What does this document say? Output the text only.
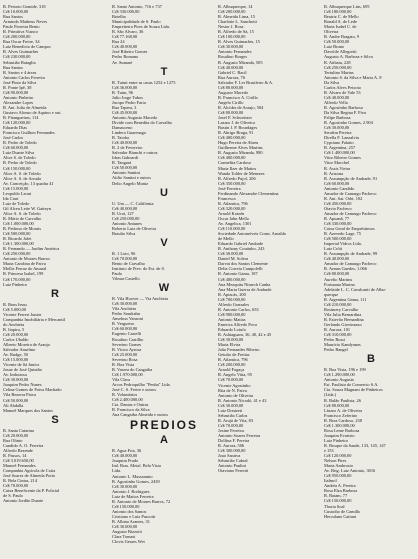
R. Peixoto Gomide, 318
Cr$ 10.000,00
Rua Santos
Armindo Matheus Neves
Paulo Ferreira Bento
R. Primitiva Vianco
Cr$ 200.000,00
Rua Oscar Freire, 34
Luiz Benedicto de Campos
R. Alves Guimarães
Cr$ 230.000,00
Sebastião Bataglia
Rua Santos
R. Santos e 4 áreas
Antonio Carlos Ferreira
José Pinto da Silva
R. Ponte Ipê, 38
Cr$ 90.000,00
Antonio Pinheiro
Alexandre Lopes
R. Ant. Julio de Almeida
Gustavo Afonso de Aquino e out.
R. Pitangueiras, 114
Cr$ 120.000,00
Eduardo Dias
Francisco Guilhon Fernandes
José Carlos
R. Pedro de Toledo
Cr$ 60.000,00
Luiz Duarte Silva
Alice S. de Toledo
R. Pedro de Toledo
Cr$ 150.000,00
Alice A. S. de Toledo
Alice A. S. de Arruda
Av. Conceição, 13 quadra 41
Cr$ 15.000,00
Leopoldo Leoni
Ida Ciari
Luiz de Toledo
Gil Alceu Leite W. Gatteyn
Alice A. S. de Toledo
R. Mário de Carvalho
Cr$ 1.000.000,00
R. Pedroso de Morais
Cr$ 500.000,00
R. Ricardo Jafet
Cr$ 1.300.000,00
R. Fernando — Jardim América
Cr$ 250.000,00
Antonio de Moraes Barros
Maria Carolina de Paiva
Mollis Ferraz do Amaral
R. Princesa Isabel, 199
Cr$ 170.000,00
Luiz Pinheiro
R
R. Bom Jesus
Cr$ 5.000,00
Vicente Ferreri Junior
Companhia Imobiliária e Mercantil
do Anchieta
R. Itapiru, 5
Cr$ 20.000,00
Carlos Ubaldo
Alberto Moreira de Araujo
Salvador Anselmo
Av. Rudge, 50
Cr$ 15.000,00
Vicente de Sá Junior
Josue de José Quintão
Av. Imboassu
Cr$ 30.000,00
Joaquim Pedro Nunes
Celina Gomes de Paiva Machado
Vila Bezerra Paiva
Cr$ 50.000,00
Ali Abdalla
Manoel Marques dos Santos
S
R. Santa Catarina
Cr$ 20.000,00
Rua Olinto
Candido A. O. Ferreira
Alfredo Rezende
R. Passos, 14
Cr$ 3.019.650,00
Manoel Fernandes
Companhia Agrícola de Cotia
José Soares de Almeida Porto
R. Bela Cintra, 214
Cr$ 70.000,00
Caixa Beneficente da P. Policial
de S. Paulo
Antonio Jordão Duarte
R. Santo Antonio, 716 e 737
Cr$ 330.000,00
Botelho
Municipalidade de S. Paulo
Empreiteira Pires de Souza Ltda.
R. São Alvaro, 36
Cr$ 77.168,00
Rua 24
Cr$ 40.000,00
José Ribeiro Gomes
Pedro Romano
Av. Sumaré
T
R. Tuiuti entre as casas 1252 e 1275
Cr$ 36.000,00
R. Tuim, 96
Julio Jorge Tubos
Jacopo Pedro Faria
Rua Tapera, 3
Cr$ 45.000,00
Antonio Augusto Macedo
Divide com Benedita do Carvalho
Damasceno
Lindera Guarenago
R. Taioba
Cr$ 40.000,00
R. 2 de Fevereiro
Salvador Bianchi e outros
Idras Gaboardi
R. Tangará
Cr$ 50.000,00
Antonio Santini
Atilio Santini e outros
Delio Angelo Muniz
U
U. Um — C. Califórnia
Cr$ 40.000,00
R. Uraí, 127
Cr$ 250.000,00
Antonio Antunes
Roberto Luiz de Oliveira
Braulio Silva
V
R. 1 Loto, 96
Cr$ 70.000,00
Bento de Carvalho
Instituto de Prev. do Est. de S.
Paulo
Vilmar Castello
W
R. Vila Hoover — Via Anchieta
Cr$ 30.000,00
Vila Anchieta
Pedro Saurkahn
Anselmo Vansoni
R. Vergueiro
Cr$ 60.000,00
Eugenio Castelli
Rosalino Castilho
Severino Gomes
R. Victor Ayrosa
Cr$ 25.000,00
Severino Rosa
R. Boa Vista
R. Varzea do Cangaiba
Cr$ 1.970.000,00
Vila Clara
Arcos Pedroquilho "Penha" Ltda.
José C. S. Freire e outros
R. Voluntários
Cr$ 2.400.000,00
Cia. Dantas e Outras
R. Francisco da Silva
Ana Cangaiba Almeida e outros
PREDIOS
A
R. Agua Fria, 36
Cr$ 40.000,00
Joaquim Prado
Ind. Bras. Metal. Bela Vista
Ltda.
Antonio L. Massaranto
R. Agostinho Gomes, 2439
Cr$ 30.000,00
Antonio J. Rodrigues
Luiz de Mattos Ferreira
R. Antonio de Moraes Barros, 72
Cr$ 150.000,00
Antonio dos Santos
Cristiano e Luiz Pascotti
R. Albina Arantes, 31
Cr$ 30.000,00
Augusto Bizzotti
Clara Tomasi
Clovis Geraes Wei
R. Albuquerque, 14
Cr$ 200.000,00
R. Almeida Lima, 15
Charlotte L. Sanchotti
Nestor J. Rosa
R. Alfredo de Sá, 15
Cr$ 100.000,00
R. Alves Guimarães, 15
Cr$ 30.000,00
Antonio Fernandes
Rosalino Borges
R. Augusto Miranda, 505
Cr$ 40.000,00
Gabriel C. Bacil
Rua Aurora, 76
Salvador F. Ler Brasileiro & A.
Cr$ 80.000,00
Augusto Macedo
R. Francisco A. Cirillo
Angelo Cirillo
R. Alcídes de Araujo, 504
Cr$ 80.000,00
Josef F. Schweitzer
Lazaro J. de Oliveira
Bastin J. P. Bourdages
R. Abrigo Braga, 91
Cr$ 400.000,00
Hugo Pereira de Abreu
Guilherme Alves Martins
R. Augusto Miranda, 980
Cr$ 400.000,00
Carmelita Cardoso
Maria Ilzer de Mattos
Wanda Tolder de Menezes
R. Alfredo Pujol, 206
Cr$ 350.000,00
José Ferreira
Ferdinando Alexandre Clementina
Francesca
R. Atlantica, 796
Cr$ 320.000,00
Arnold Kotzén
Oscar Jahn Mello
Av. Angelica, 1301
Cr$ 110.000,00
Sociedade Automóveis Const. Arnaldo
de Mello
Eduardo Gabriel Andrade
R. Anthony Coutinho, 243
Cr$ 30.000,00
Daniel M. Solera
Darvai dos Santos Clemente
Delia Correia Campofelli
R. Antonio Gama, 187
Cr$ 400.000,00
Ana Mezquita Nimech Canha
Ana Maria Guerra de Andrade
R. Apiacás, 200
Cr$ 700.000,00
Alfredo Gonzales
R. Antonio Carlos, 653
Cr$ 900.000,00
Antonio Matias
Emerica Alfredo Poca
Eduardo Lotufo
R. Ashtaguara, 36, 40, 42 e 45
Cr$ 30.000,00
Maria Elvira
João Fernandes Ribeiro
Getulio de Freitas
R. Atlantica, 796
Cr$ 200.000,00
Arnold Fogaça
R. Angelo Vitta, 95
Cr$ 70.000,00
Vicente Agostinho
Rita de N. Paiva
Antonio de Oliveira
R. Antonio Nicodó, 41 e 43
Cr$ 30.000,00
Luiz Donizeti
Sebastião Carlos
R. Arujá de Vita, 83
Cr$ 70.000,00
Josine Ferreira
Antonio Soares Ferreira
Dolfina F. Pereira
R. Aurora, 506
Cr$ 300.000,00
Joao Saraiva
Sebastião Cabral
Antonio Paulini
Otaviano Ferreiri
R. Albuquerque Lins, 695
Cr$ 180.000,00
Beatriz C. de Mello
Ronald A. de Lede
Maria Isabel C. de
Oliveira
R. Andre Bragato, 9
Cr$ 50.000,00
Luiz Bruno
Davetile Allegretti
Augusto A. Barbosa e Silva
R. Atibaia, 228
Cr$ 250.000,00
Tertulino Marins
Antonio S. da Silva e Maria A. F.
Da Silva
Carlos Alves Peixoto
R. Alvaro de Vale 53
Cr$ 40.000,00
Alfredo Vella
R. Agostinho Barbosa
Da Silva Regina F. Piva
Felipe Barbosa
R. Agostinho Gomes, 2.904
Cr$ 30.000,00
Serafim Pereira
Dirella F. Lanzalvia
Cypriano Falatio
R. Argentina, 257
Cr$ 1.400.000,00
Vitor Ribeiro Gomes
Vitor Macchel
R. Assis Vieira
R. Arizona
R. Assumpção de Andrade, 91
Cr$ 60.000,00
Antonio Candido
Amador de Camargo Pacheco
R. Ant. Sat. Orbi, 102
Cr$ 450.000,00
Otavio Pacheco
Amador de Camargo Pacheco
R. Apuanã, 77
Cr$ 330.000,00
Caixa Geral de Empréstimos
R. Azevedo Lage, 75
Cr$ 500.000,00
Imperial Vidros Ltda.
Luiz Crôit
R. Assumpção de Andrade, 99
Cr$ 40.000,00
Amador de Camargo Pacheco
R. Armas Guedes, 1.066
Cr$ 80.000,00
Aurelio Martins
Fortunata Marino
Adelaide L. C. Cavalcanti de Albu-
querque
R. Argentina Gama, 111
Cr$ 210.000,00
Rosimery Carvalho
Vila Julia Bernardina
R. Estevão Bernardina
Gerlando Giovinazzo
R. Aurora, 101
Cr$ 310.000,00
Pedro Rossi
Maurício Kandyanas
Pedro Rangel
B
R. Boa Vista, 196 e 199
Cr$ 1.290.000,00
Antonio Augusto
Est. Paulista do Comercio S.A.
Cia. Souza Magnani de Pinheiros
(Ltda.)
R. Balão Paulista, 26
Cr$ 80.000,00
Lázaro A. de Oliveira
Francisco Zeferino
R. Braz Cardoso, 238
Cr$ 1.300.000,00
Rosa Leme Barbosa
Joaquim Evaristo
Luiz Pinheiro
R. Bosque da Saude, 133, 145, 147
e 153
Cr$ 120.000,00
Nelson Pires
Maria Ambrosio
Av. Brig. Luiz Antonio, 3016
Cr$ 950.000,00
Italmol
Andréa A. Pereira
Rosa Elza Barbosa
R. Batam, 77
Cr$ 150.000,00
Thoria Soal
Custodio de Camillo
Herculano Cattani
